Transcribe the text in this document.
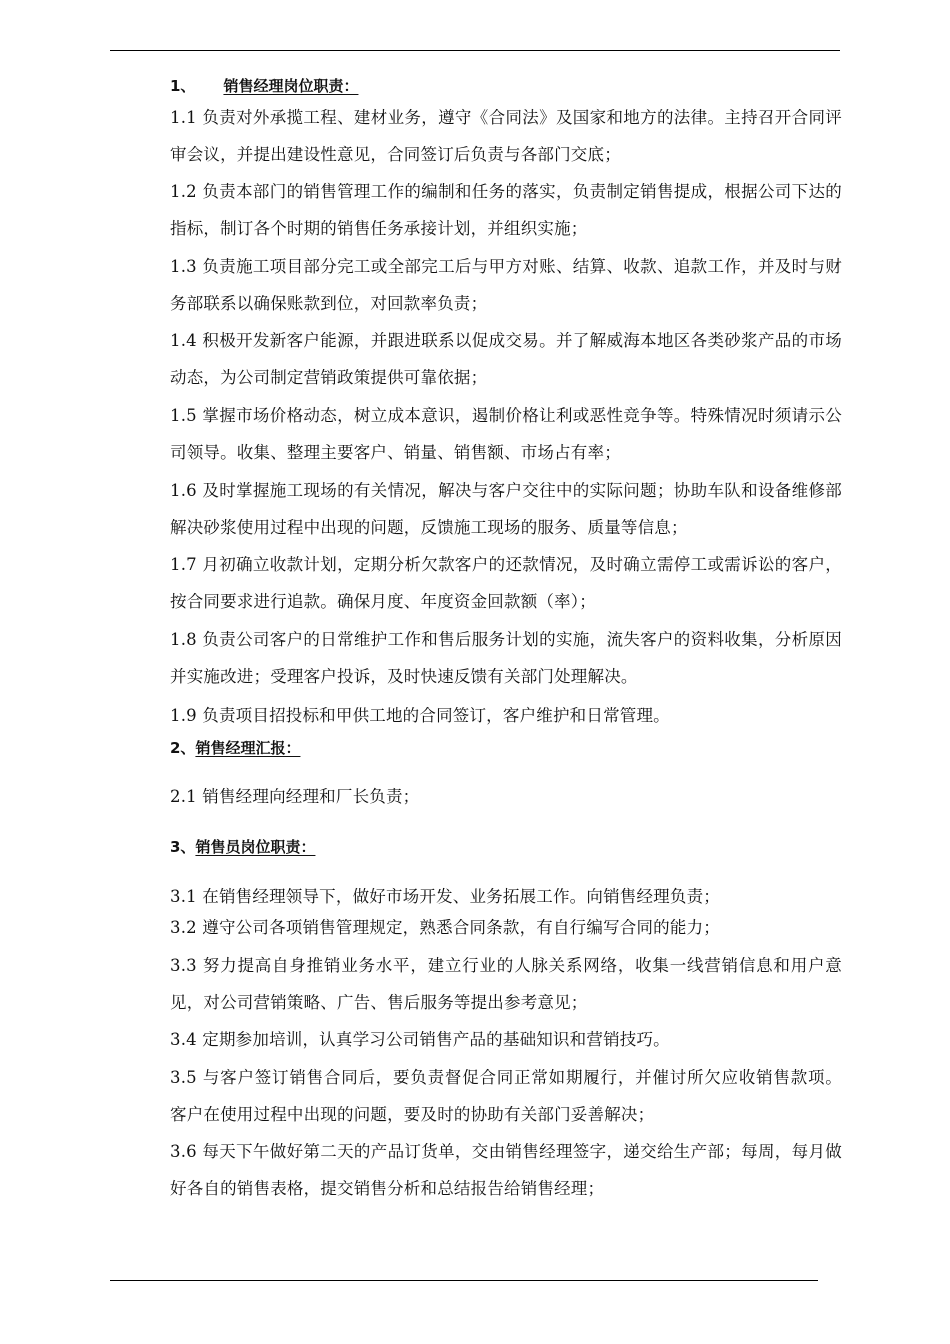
1、 销售经理岗位职责：
1.1 负责对外承揽工程、建材业务，遵守《合同法》及国家和地方的法律。主持召开合同评审会议，并提出建设性意见，合同签订后负责与各部门交底；
1.2 负责本部门的销售管理工作的编制和任务的落实，负责制定销售提成，根据公司下达的指标，制订各个时期的销售任务承接计划，并组织实施；
1.3 负责施工项目部分完工或全部完工后与甲方对账、结算、收款、追款工作，并及时与财务部联系以确保账款到位，对回款率负责；
1.4 积极开发新客户能源，并跟进联系以促成交易。并了解威海本地区各类砂浆产品的市场动态，为公司制定营销政策提供可靠依据；
1.5 掌握市场价格动态，树立成本意识，遏制价格让利或恶性竞争等。特殊情况时须请示公司领导。收集、整理主要客户、销量、销售额、市场占有率；
1.6 及时掌握施工现场的有关情况，解决与客户交往中的实际问题；协助车队和设备维修部解决砂浆使用过程中出现的问题，反馈施工现场的服务、质量等信息；
1.7 月初确立收款计划，定期分析欠款客户的还款情况，及时确立需停工或需诉讼的客户，按合同要求进行追款。确保月度、年度资金回款额（率）；
1.8 负责公司客户的日常维护工作和售后服务计划的实施，流失客户的资料收集，分析原因并实施改进；受理客户投诉，及时快速反馈有关部门处理解决。
1.9 负责项目招投标和甲供工地的合同签订，客户维护和日常管理。
2、销售经理汇报：
2.1 销售经理向经理和厂长负责；
3、销售员岗位职责：
3.1 在销售经理领导下，做好市场开发、业务拓展工作。向销售经理负责；
3.2 遵守公司各项销售管理规定，熟悉合同条款，有自行编写合同的能力；
3.3 努力提高自身推销业务水平，建立行业的人脉关系网络，收集一线营销信息和用户意见，对公司营销策略、广告、售后服务等提出参考意见；
3.4 定期参加培训，认真学习公司销售产品的基础知识和营销技巧。
3.5 与客户签订销售合同后，要负责督促合同正常如期履行，并催讨所欠应收销售款项。 客户在使用过程中出现的问题，要及时的协助有关部门妥善解决；
3.6 每天下午做好第二天的产品订货单，交由销售经理签字，递交给生产部；每周，每月做好各自的销售表格，提交销售分析和总结报告给销售经理；
